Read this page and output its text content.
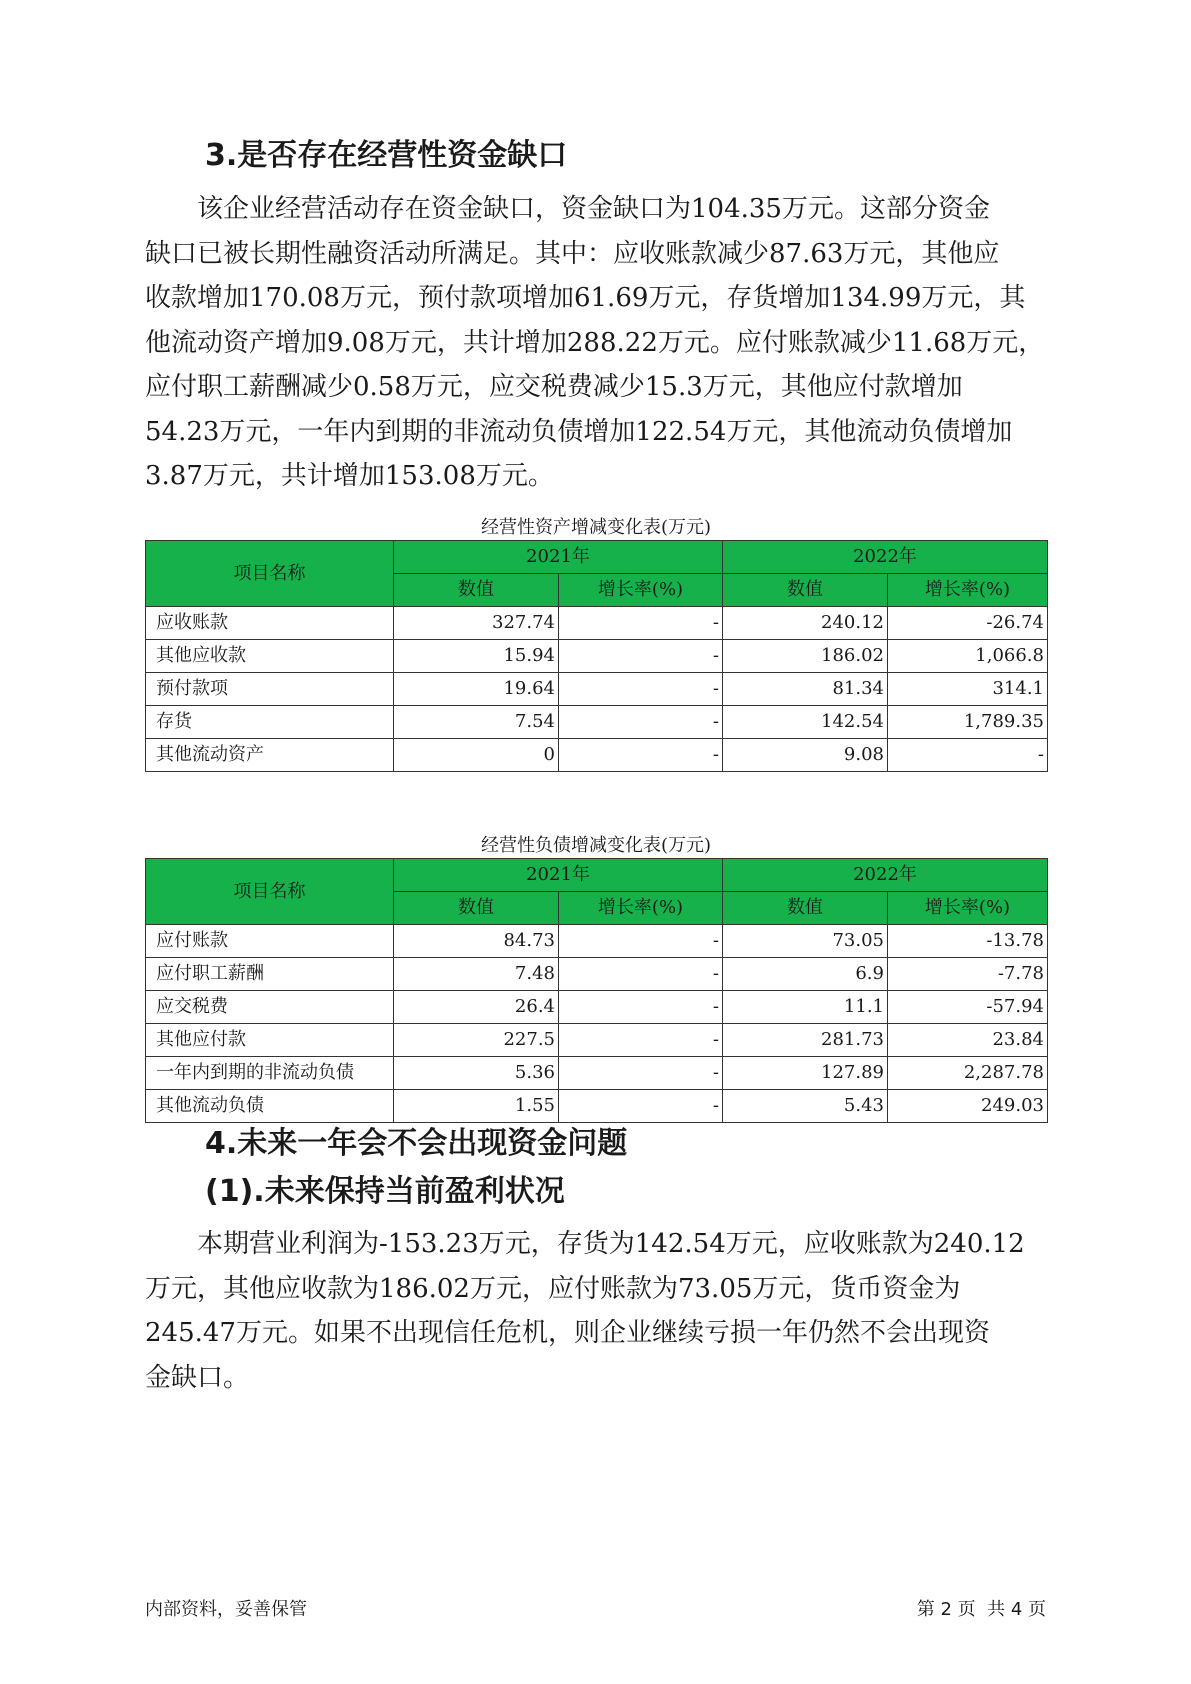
3.是否存在经营性资金缺口
该企业经营活动存在资金缺口，资金缺口为104.35万元。这部分资金
缺口已被长期性融资活动所满足。其中：应收账款减少87.63万元，其他应
收款增加170.08万元，预付款项增加61.69万元，存货增加134.99万元，其
他流动资产增加9.08万元，共计增加288.22万元。应付账款减少11.68万元，
应付职工薪酬减少0.58万元，应交税费减少15.3万元，其他应付款增加
54.23万元，一年内到期的非流动负债增加122.54万元，其他流动负债增加
3.87万元，共计增加153.08万元。

经营性资产增减变化表(万元)

项目名称	2021年		2022年	
	数值	增长率(%)	数值	增长率(%)
应收账款	327.74	-	240.12	-26.74
其他应收款	15.94	-	186.02	1,066.8
预付款项	19.64	-	81.34	314.1
存货	7.54	-	142.54	1,789.35
其他流动资产	0	-	9.08	-

经营性负债增减变化表(万元)

项目名称	2021年		2022年	
	数值	增长率(%)	数值	增长率(%)
应付账款	84.73	-	73.05	-13.78
应付职工薪酬	7.48	-	6.9	-7.78
应交税费	26.4	-	11.1	-57.94
其他应付款	227.5	-	281.73	23.84
一年内到期的非流动负债	5.36	-	127.89	2,287.78
其他流动负债	1.55	-	5.43	249.03
4.未来一年会不会出现资金问题
(1).未来保持当前盈利状况
本期营业利润为-153.23万元，存货为142.54万元，应收账款为240.12
万元，其他应收款为186.02万元，应付账款为73.05万元，货币资金为
245.47万元。如果不出现信任危机，则企业继续亏损一年仍然不会出现资
金缺口。

内部资料，妥善保管	第 2 页  共 4 页
